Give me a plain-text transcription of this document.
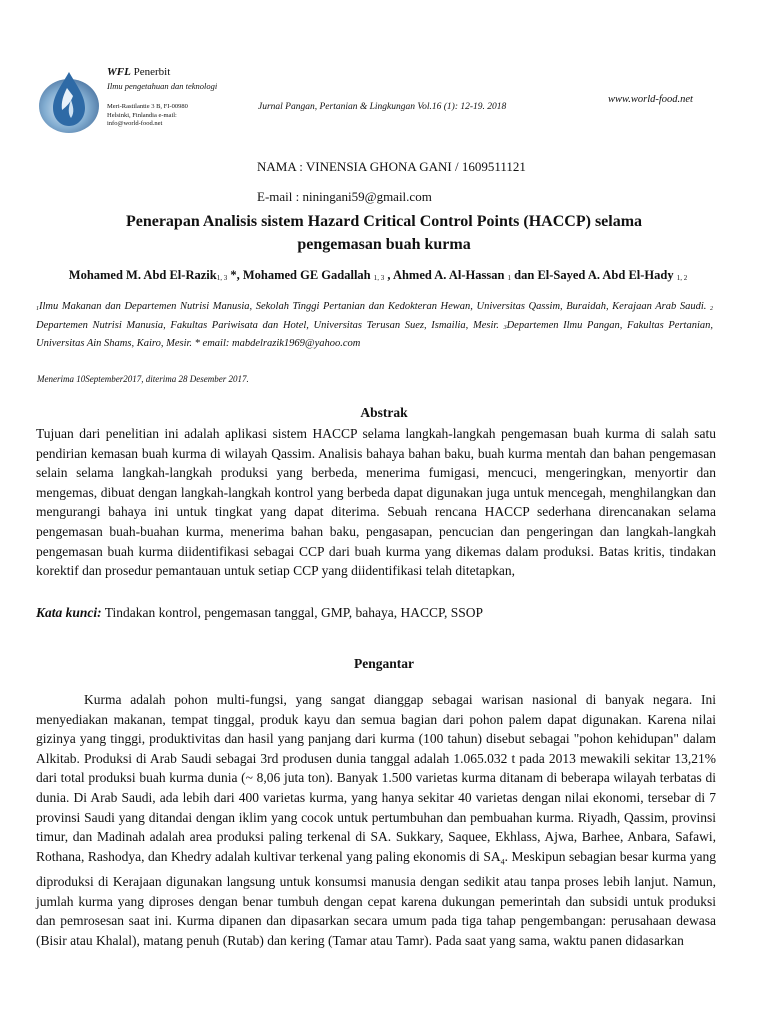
WFL Penerbit
Ilmu pengetahuan dan teknologi
Meri-Rastilantie 3 B, FI-00980
Helsinki, Finlandia e-mail:
info@world-food.net
Jurnal Pangan, Pertanian & Lingkungan Vol.16 (1): 12-19. 2018
www.world-food.net
NAMA : VINENSIA GHONA GANI / 1609511121
E-mail : niningani59@gmail.com
Penerapan Analisis sistem Hazard Critical Control Points (HACCP) selama
pengemasan buah kurma
Mohamed M. Abd El-Razik$_{1, 3}$ *, Mohamed GE Gadallah $_{1, 3}$ , Ahmed A. Al-Hassan $_1$ dan El-Sayed A. Abd El-Hady $_{1, 2}$
$_1$Ilmu Makanan dan Departemen Nutrisi Manusia, Sekolah Tinggi Pertanian dan Kedokteran Hewan, Universitas Qassim, Buraidah, Kerajaan Arab Saudi. $_2$ Departemen Nutrisi Manusia, Fakultas Pariwisata dan Hotel, Universitas Terusan Suez, Ismailia, Mesir. $_3$Departemen Ilmu Pangan, Fakultas Pertanian, Universitas Ain Shams, Kairo, Mesir. * email: mabdelrazik1969@yahoo.com
Menerima 10September2017, diterima 28 Desember 2017.
Abstrak
Tujuan dari penelitian ini adalah aplikasi sistem HACCP selama langkah-langkah pengemasan buah kurma di salah satu pendirian kemasan buah kurma di wilayah Qassim. Analisis bahaya bahan baku, buah kurma mentah dan bahan pengemasan selain selama langkah-langkah produksi yang berbeda, menerima fumigasi, mencuci, mengeringkan, menyortir dan mengemas, dibuat dengan langkah-langkah kontrol yang berbeda dapat digunakan juga untuk mencegah, menghilangkan dan mengurangi bahaya ini untuk tingkat yang dapat diterima. Sebuah rencana HACCP sederhana direncanakan selama pengemasan buah-buahan kurma, menerima bahan baku, pengasapan, pencucian dan pengeringan dan langkah-langkah pengemasan buah kurma diidentifikasi sebagai CCP dari buah kurma yang dikemas dalam produksi. Batas kritis, tindakan korektif dan prosedur pemantauan untuk setiap CCP yang diidentifikasi telah ditetapkan,
Kata kunci: Tindakan kontrol, pengemasan tanggal, GMP, bahaya, HACCP, SSOP
Pengantar
Kurma adalah pohon multi-fungsi, yang sangat dianggap sebagai warisan nasional di banyak negara. Ini menyediakan makanan, tempat tinggal, produk kayu dan semua bagian dari pohon palem dapat digunakan. Karena nilai gizinya yang tinggi, produktivitas dan hasil yang panjang dari kurma (100 tahun) disebut sebagai "pohon kehidupan" dalam Alkitab. Produksi di Arab Saudi sebagai 3rd produsen dunia tanggal adalah 1.065.032 t pada 2013 mewakili sekitar 13,21% dari total produksi buah kurma dunia (~ 8,06 juta ton). Banyak 1.500 varietas kurma ditanam di beberapa wilayah terbatas di dunia. Di Arab Saudi, ada lebih dari 400 varietas kurma, yang hanya sekitar 40 varietas dengan nilai ekonomi, tersebar di 7 provinsi Saudi yang ditandai dengan iklim yang cocok untuk pertumbuhan dan pembuahan kurma. Riyadh, Qassim, provinsi timur, dan Madinah adalah area produksi paling terkenal di SA. Sukkary, Saquee, Ekhlass, Ajwa, Barhee, Anbara, Safawi, Rothana, Rashodya, dan Khedry adalah kultivar terkenal yang paling ekonomis di $SA_4$. Meskipun sebagian besar kurma yang diproduksi di Kerajaan digunakan langsung untuk konsumsi manusia dengan sedikit atau tanpa proses lebih lanjut. Namun, jumlah kurma yang diproses dengan benar tumbuh dengan cepat karena dukungan pemerintah dan subsidi untuk produksi dan pemrosesan saat ini. Kurma dipanen dan dipasarkan secara umum pada tiga tahap pengembangan: perusahaan dewasa (Bisir atau Khalal), matang penuh (Rutab) dan kering (Tamar atau Tamr). Pada saat yang sama, waktu panen didasarkan
